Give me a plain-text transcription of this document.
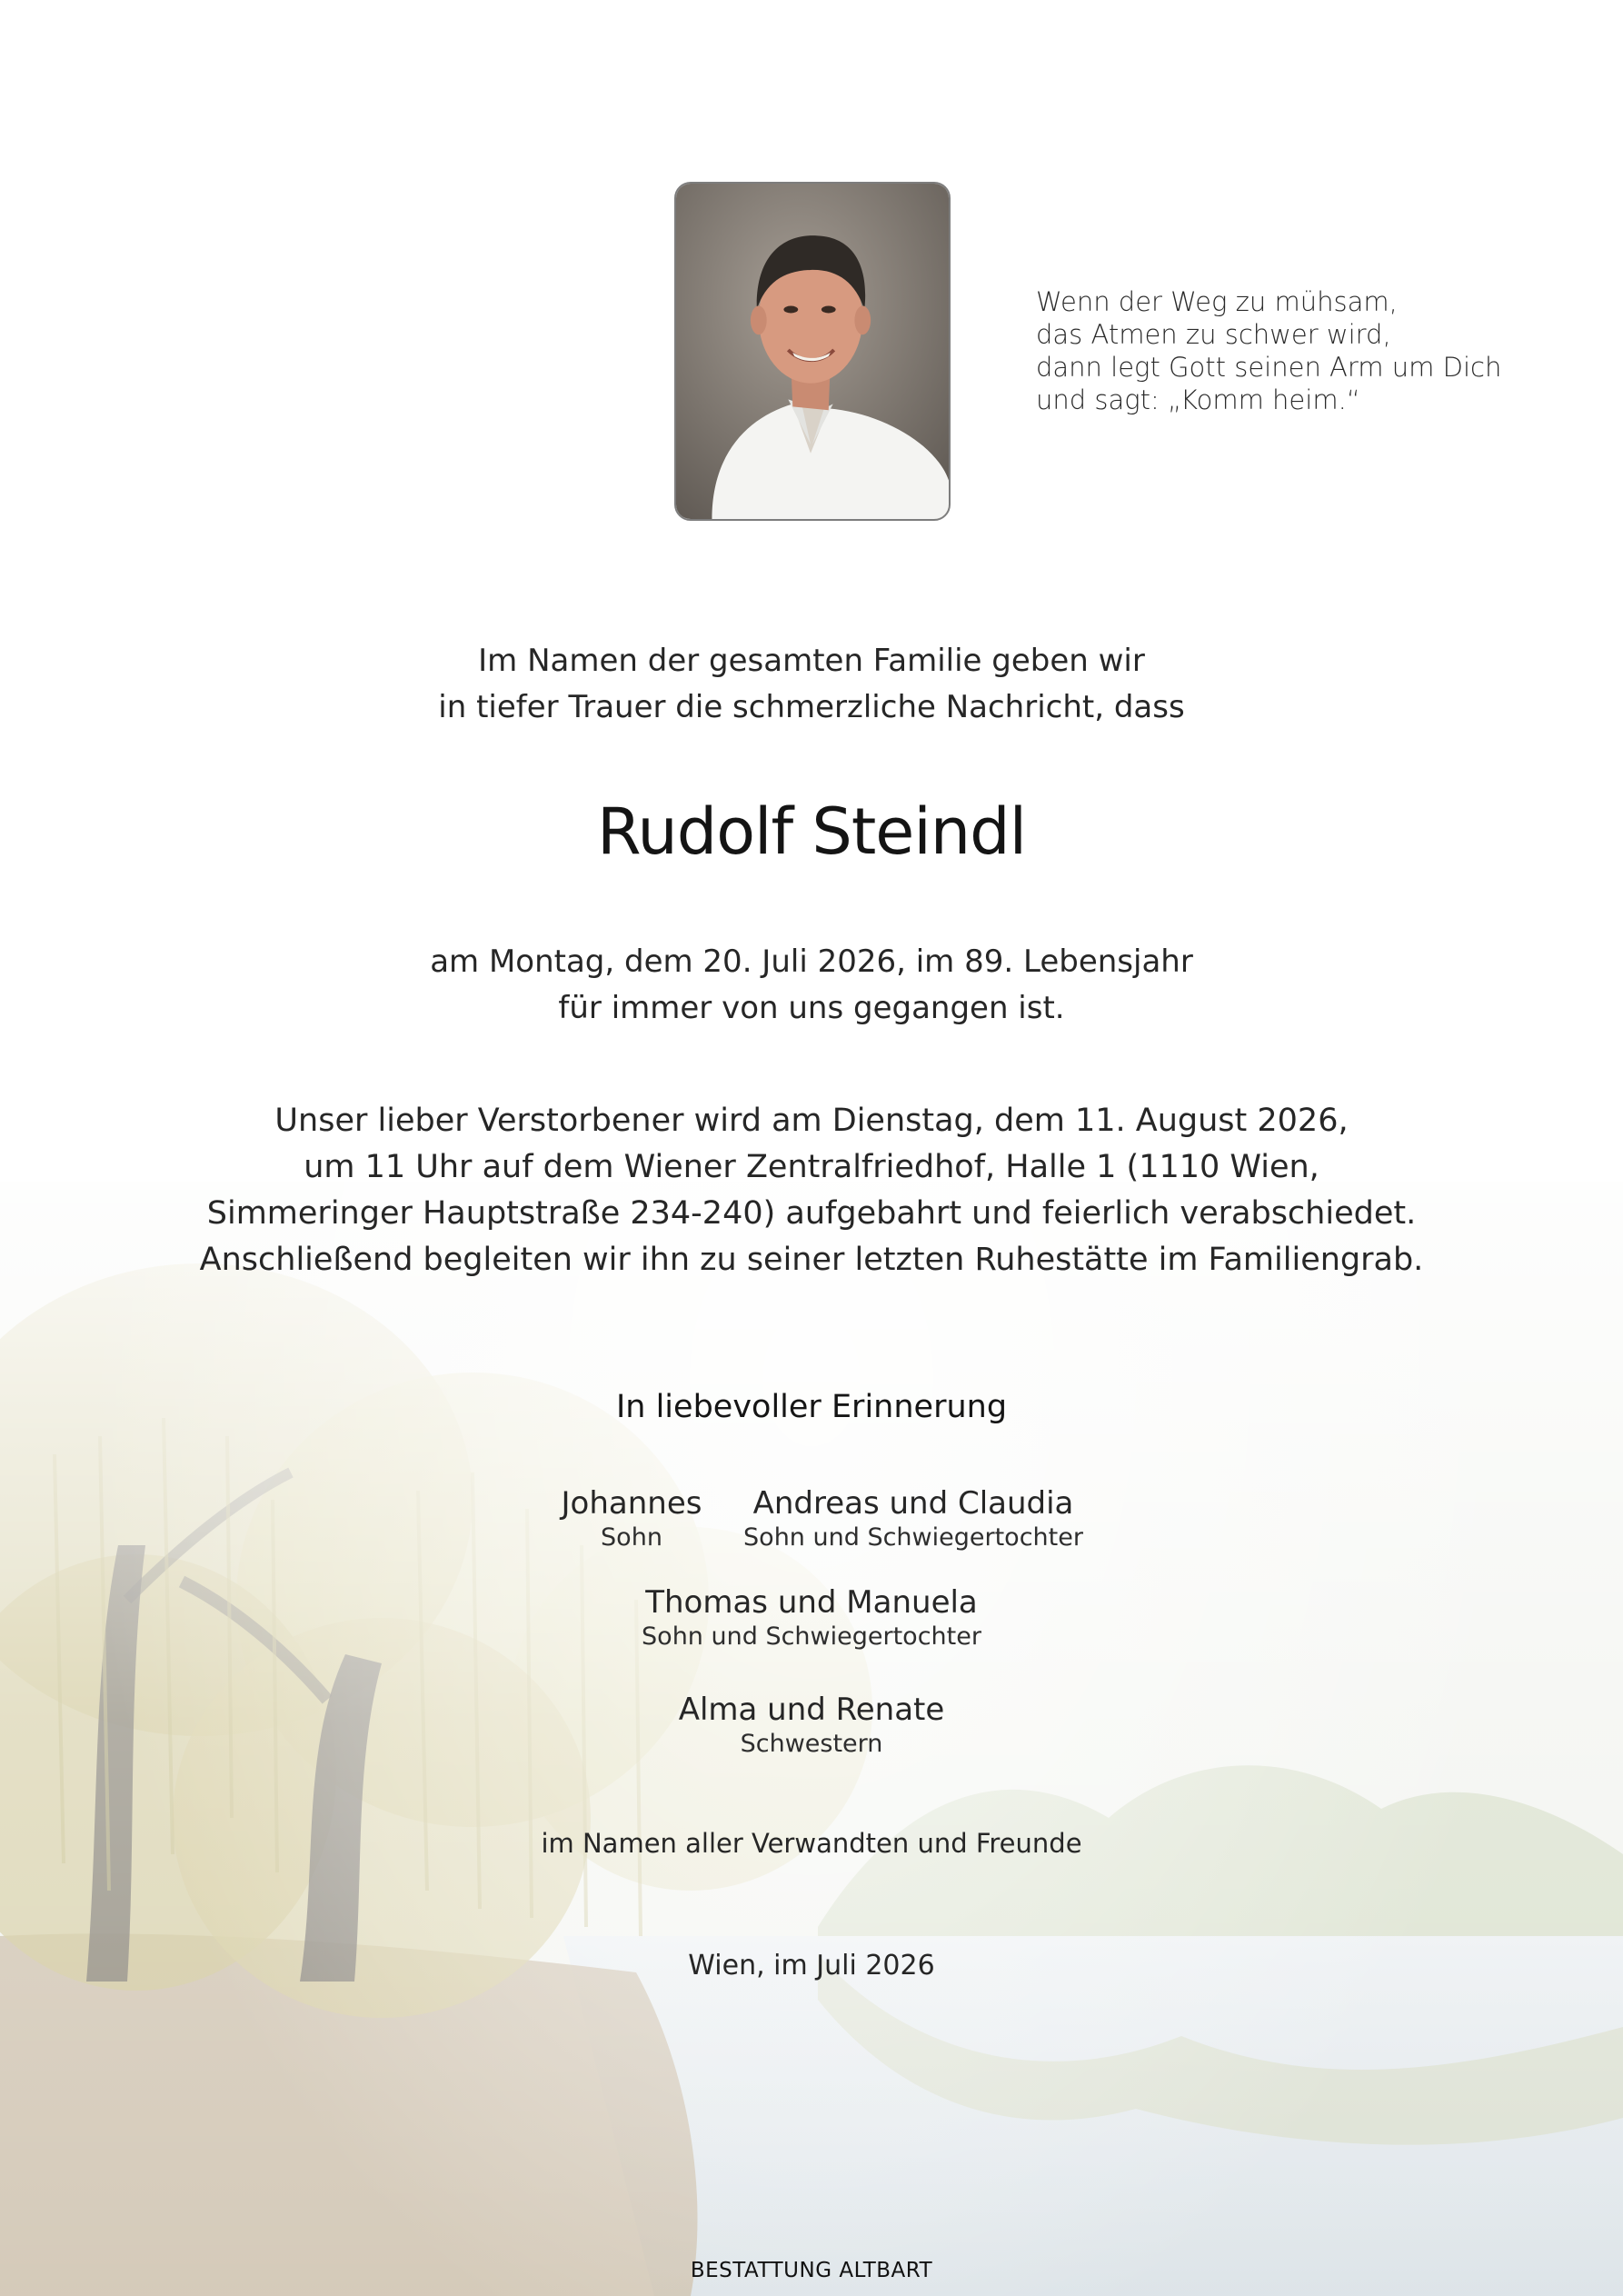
Wenn der Weg zu mühsam,
das Atmen zu schwer wird,
dann legt Gott seinen Arm um Dich
und sagt: „Komm heim.“
Im Namen der gesamten Familie geben wir
in tiefer Trauer die schmerzliche Nachricht, dass
Rudolf Steindl
am Montag, dem 20. Juli 2026, im 89. Lebensjahr
für immer von uns gegangen ist.
Unser lieber Verstorbener wird am Dienstag, dem 11. August 2026,
um 11 Uhr auf dem Wiener Zentralfriedhof, Halle 1 (1110 Wien,
Simmeringer Hauptstraße 234-240) aufgebahrt und feierlich verabschiedet.
Anschließend begleiten wir ihn zu seiner letzten Ruhestätte im Familiengrab.
In liebevoller Erinnerung
Johannes
Sohn
Andreas und Claudia
Sohn und Schwiegertochter
Thomas und Manuela
Sohn und Schwiegertochter
Alma und Renate
Schwestern
im Namen aller Verwandten und Freunde
Wien, im Juli 2026
BESTATTUNG ALTBART
